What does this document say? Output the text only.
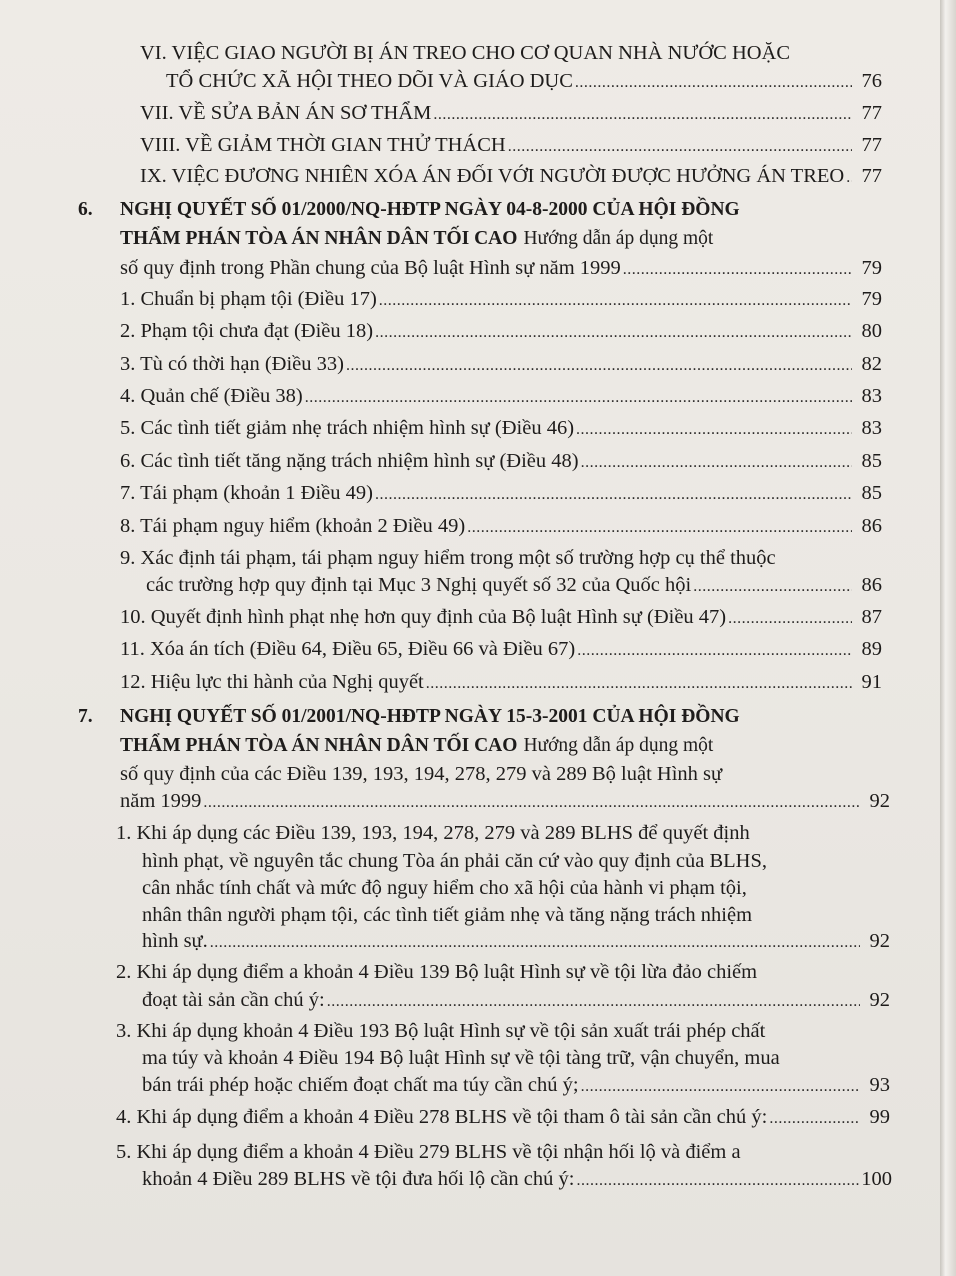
VI. VIỆC GIAO NGƯỜI BỊ ÁN TREO CHO CƠ QUAN NHÀ NƯỚC HOẶC
TỔ CHỨC XÃ HỘI THEO DÕI VÀ GIÁO DỤC .....	76
VII. VỀ SỬA BẢN ÁN SƠ THẨM .....	77
VIII. VỀ GIẢM THỜI GIAN THỬ THÁCH .....	77
IX. VIỆC ĐƯƠNG NHIÊN XÓA ÁN ĐỐI VỚI NGƯỜI ĐƯỢC HƯỞNG ÁN TREO ..... 77
6. NGHỊ QUYẾT SỐ 01/2000/NQ-HĐTP NGÀY 04-8-2000 CỦA HỘI ĐỒNG
THẨM PHÁN TÒA ÁN NHÂN DÂN TỐI CAO Hướng dẫn áp dụng một
số quy định trong Phần chung của Bộ luật Hình sự năm 1999 .....	79
1. Chuẩn bị phạm tội (Điều 17) .....	79
2. Phạm tội chưa đạt (Điều 18) .....	80
3. Tù có thời hạn (Điều 33) .....	82
4. Quản chế (Điều 38) .....	83
5. Các tình tiết giảm nhẹ trách nhiệm hình sự (Điều 46) .....	83
6. Các tình tiết tăng nặng trách nhiệm hình sự (Điều 48) .....	85
7. Tái phạm (khoản 1 Điều 49) .....	85
8. Tái phạm nguy hiểm (khoản 2 Điều 49) .....	86
9. Xác định tái phạm, tái phạm nguy hiểm trong một số trường hợp cụ thể thuộc
các trường hợp quy định tại Mục 3 Nghị quyết số 32 của Quốc hội .....	86
10. Quyết định hình phạt nhẹ hơn quy định của Bộ luật Hình sự (Điều 47) .....	87
11. Xóa án tích (Điều 64, Điều 65, Điều 66 và Điều 67) .....	89
12. Hiệu lực thi hành của Nghị quyết .....	91
7. NGHỊ QUYẾT SỐ 01/2001/NQ-HĐTP NGÀY 15-3-2001 CỦA HỘI ĐỒNG
THẨM PHÁN TÒA ÁN NHÂN DÂN TỐI CAO Hướng dẫn áp dụng một
số quy định của các Điều 139, 193, 194, 278, 279 và 289 Bộ luật Hình sự
năm 1999 .....	92
1. Khi áp dụng các Điều 139, 193, 194, 278, 279 và 289 BLHS để quyết định
hình phạt, về nguyên tắc chung Tòa án phải căn cứ vào quy định của BLHS,
cân nhắc tính chất và mức độ nguy hiểm cho xã hội của hành vi phạm tội,
nhân thân người phạm tội, các tình tiết giảm nhẹ và tăng nặng trách nhiệm
hình sự. .....	92
2. Khi áp dụng điểm a khoản 4 Điều 139 Bộ luật Hình sự về tội lừa đảo chiếm
đoạt tài sản cần chú ý: .....	92
3. Khi áp dụng khoản 4 Điều 193 Bộ luật Hình sự về tội sản xuất trái phép chất
ma túy và khoản 4 Điều 194 Bộ luật Hình sự về tội tàng trữ, vận chuyển, mua
bán trái phép hoặc chiếm đoạt chất ma túy cần chú ý; .....	93
4. Khi áp dụng điểm a khoản 4 Điều 278 BLHS về tội tham ô tài sản cần chú ý: .....	99
5. Khi áp dụng điểm a khoản 4 Điều 279 BLHS về tội nhận hối lộ và điểm a
khoản 4 Điều 289 BLHS về tội đưa hối lộ cần chú ý: .....	100
